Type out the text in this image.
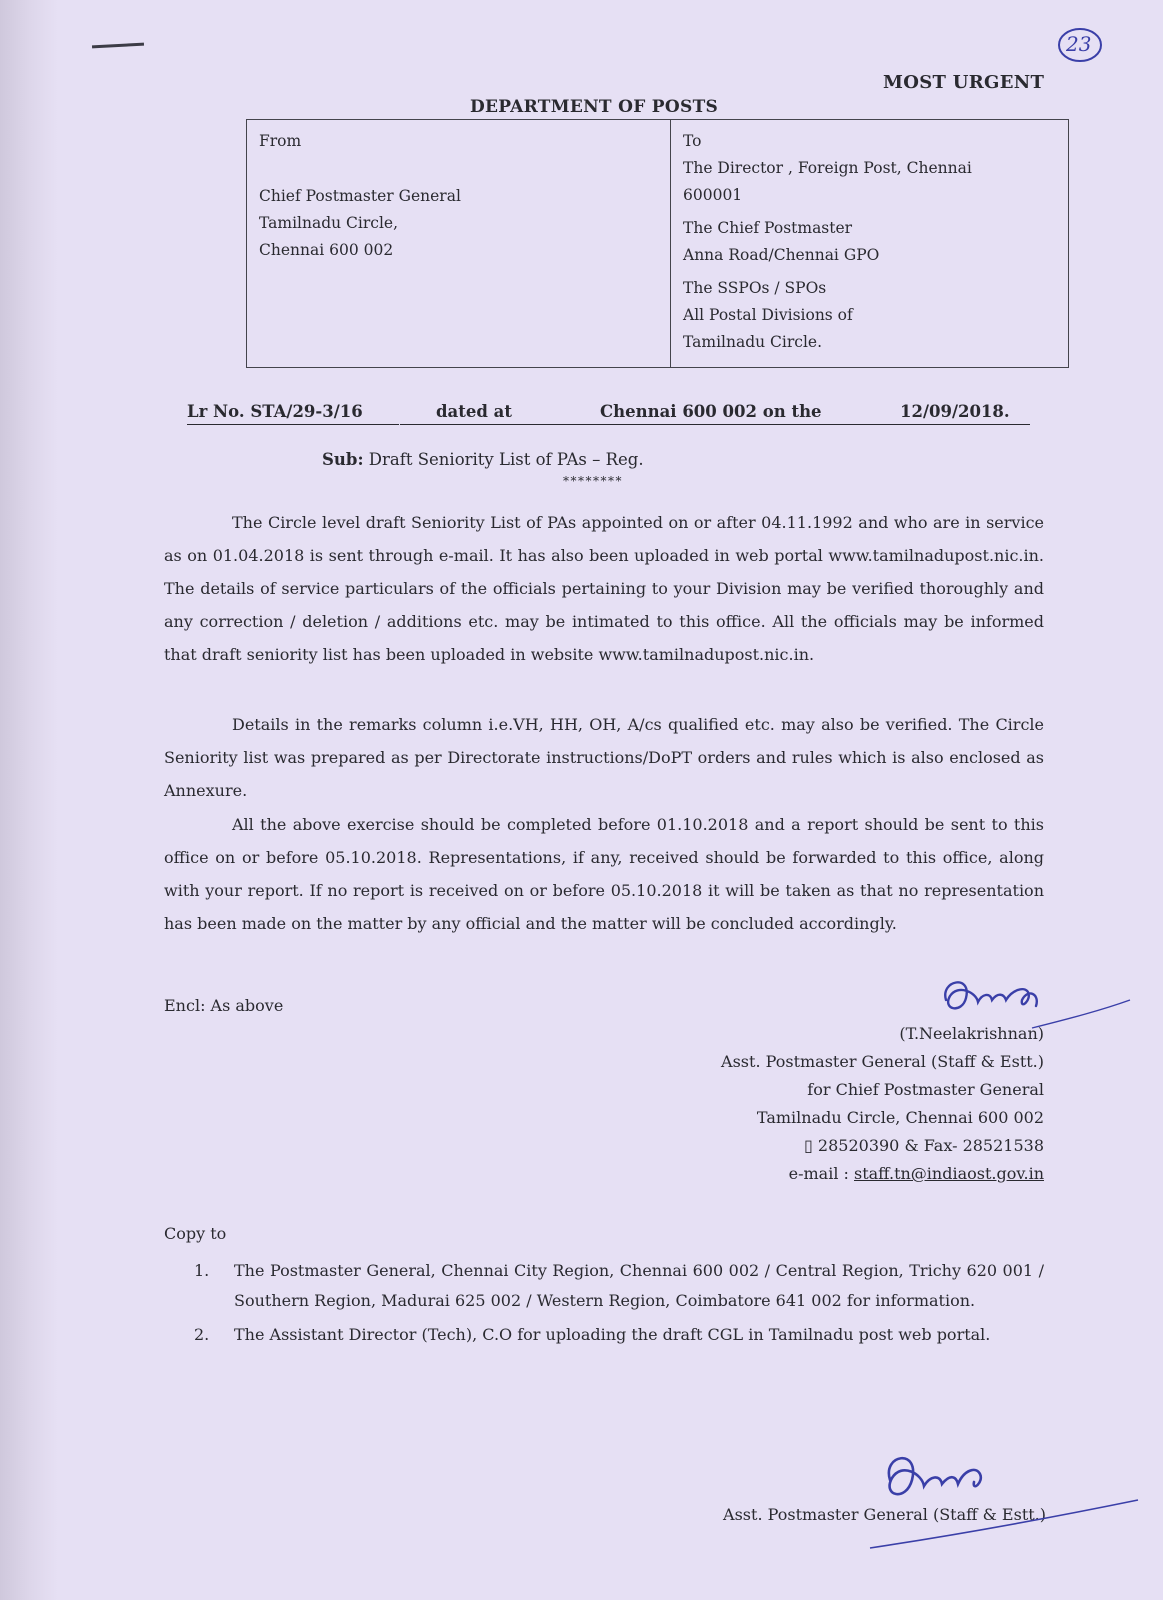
23
MOST URGENT
DEPARTMENT OF POSTS
From
Chief Postmaster General
Tamilnadu Circle,
Chennai 600 002
To
The Director , Foreign Post, Chennai
600001
The Chief Postmaster
Anna Road/Chennai GPO
The SSPOs / SPOs
All Postal Divisions of
Tamilnadu Circle.
Lr No. STA/29-3/16	dated at	Chennai 600 002 on the	12/09/2018.
Sub: Draft Seniority List of PAs – Reg.
********

The Circle level draft Seniority List of PAs appointed on or after 04.11.1992 and who are in service as on 01.04.2018 is sent through e-mail. It has also been uploaded in web portal www.tamilnadupost.nic.in. The details of service particulars of the officials pertaining to your Division may be verified thoroughly and any correction / deletion / additions etc. may be intimated to this office. All the officials may be informed that draft seniority list has been uploaded in website www.tamilnadupost.nic.in.

Details in the remarks column i.e.VH, HH, OH, A/cs qualified etc. may also be verified. The Circle Seniority list was prepared as per Directorate instructions/DoPT orders and rules which is also enclosed as Annexure.

All the above exercise should be completed before 01.10.2018 and a report should be sent to this office on or before 05.10.2018. Representations, if any, received should be forwarded to this office, along with your report. If no report is received on or before 05.10.2018 it will be taken as that no representation has been made on the matter by any official and the matter will be concluded accordingly.

Encl: As above
(T.Neelakrishnan)
Asst. Postmaster General (Staff & Estt.)
for Chief Postmaster General
Tamilnadu Circle, Chennai 600 002
▯ 28520390 & Fax- 28521538
e-mail : staff.tn@indiaost.gov.in
Copy to
1. The Postmaster General, Chennai City Region, Chennai 600 002 / Central Region, Trichy 620 001 / Southern Region, Madurai 625 002 / Western Region, Coimbatore 641 002 for information.
2. The Assistant Director (Tech), C.O for uploading the draft CGL in Tamilnadu post web portal.
Asst. Postmaster General (Staff & Estt.)
